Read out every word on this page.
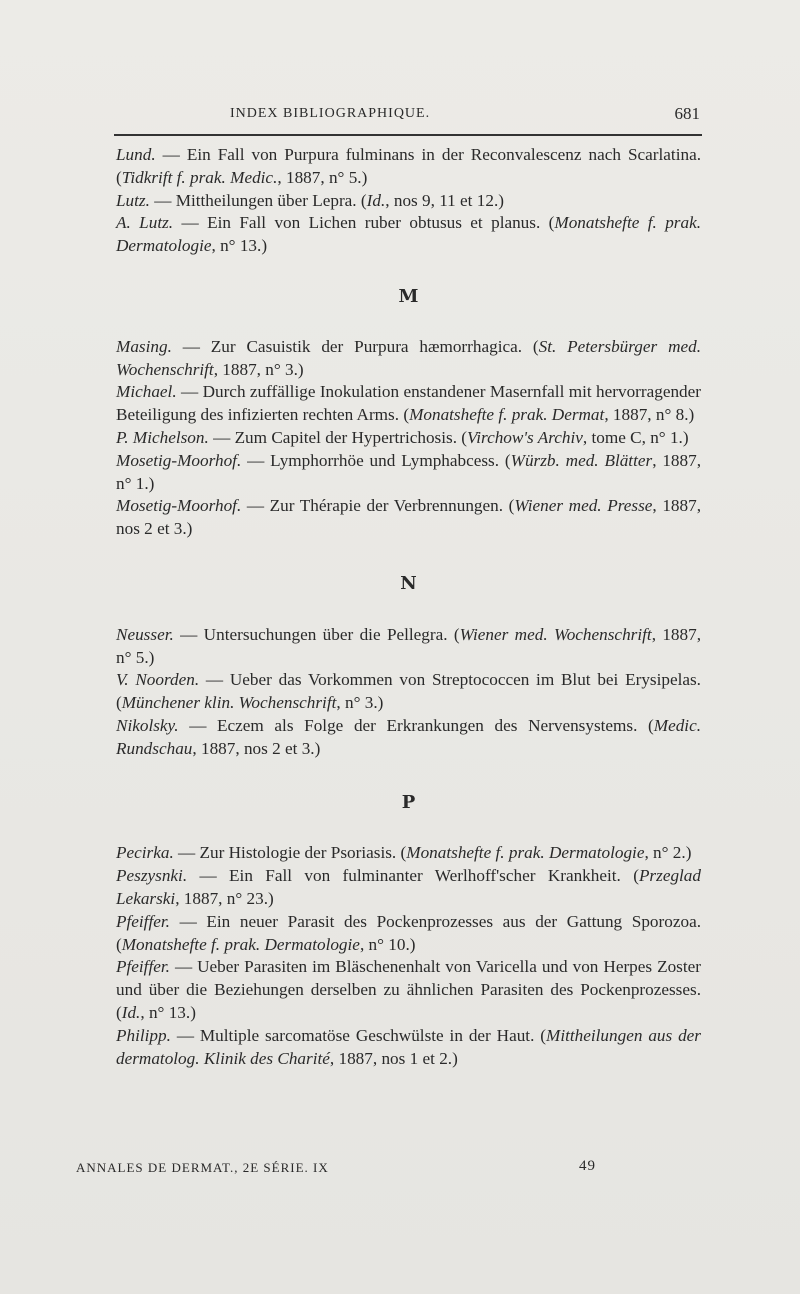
INDEX BIBLIOGRAPHIQUE.	681

Lund. — Ein Fall von Purpura fulminans in der Reconvalescenz nach Scarlatina. (Tidkrift f. prak. Medic., 1887, n° 5.)

Lutz. — Mittheilungen über Lepra. (Id., nos 9, 11 et 12.)

A. Lutz. — Ein Fall von Lichen ruber obtusus et planus. (Monatshefte f. prak. Dermatologie, n° 13.)

M

Masing. — Zur Casuistik der Purpura hæmorrhagica. (St. Petersbürger med. Wochenschrift, 1887, n° 3.)

Michael. — Durch zuffällige Inokulation enstandener Masernfall mit hervorragender Beteiligung des infizierten rechten Arms. (Monatshefte f. prak. Dermat, 1887, n° 8.)

P. Michelson. — Zum Capitel der Hypertrichosis. (Virchow's Archiv, tome C, n° 1.)

Mosetig-Moorhof. — Lymphorrhöe und Lymphabcess. (Würzb. med. Blätter, 1887, n° 1.)

Mosetig-Moorhof. — Zur Thérapie der Verbrennungen. (Wiener med. Presse, 1887, nos 2 et 3.)

N

Neusser. — Untersuchungen über die Pellegra. (Wiener med. Wochenschrift, 1887, n° 5.)

V. Noorden. — Ueber das Vorkommen von Streptococcen im Blut bei Erysipelas. (Münchener klin. Wochenschrift, n° 3.)

Nikolsky. — Eczem als Folge der Erkrankungen des Nervensystems. (Medic. Rundschau, 1887, nos 2 et 3.)

P

Pecirka. — Zur Histologie der Psoriasis. (Monatshefte f. prak. Dermatologie, n° 2.)

Peszysnki. — Ein Fall von fulminanter Werlhoff'scher Krankheit. (Przeglad Lekarski, 1887, n° 23.)

Pfeiffer. — Ein neuer Parasit des Pockenprozesses aus der Gattung Sporozoa. (Monatshefte f. prak. Dermatologie, n° 10.)

Pfeiffer. — Ueber Parasiten im Bläschenenhalt von Varicella und von Herpes Zoster und über die Beziehungen derselben zu ähnlichen Parasiten des Pockenprozesses. (Id., n° 13.)

Philipp. — Multiple sarcomatöse Geschwülste in der Haut. (Mittheilungen aus der dermatolog. Klinik des Charité, 1887, nos 1 et 2.)

ANNALES DE DERMAT., 2E SÉRIE. IX	49
